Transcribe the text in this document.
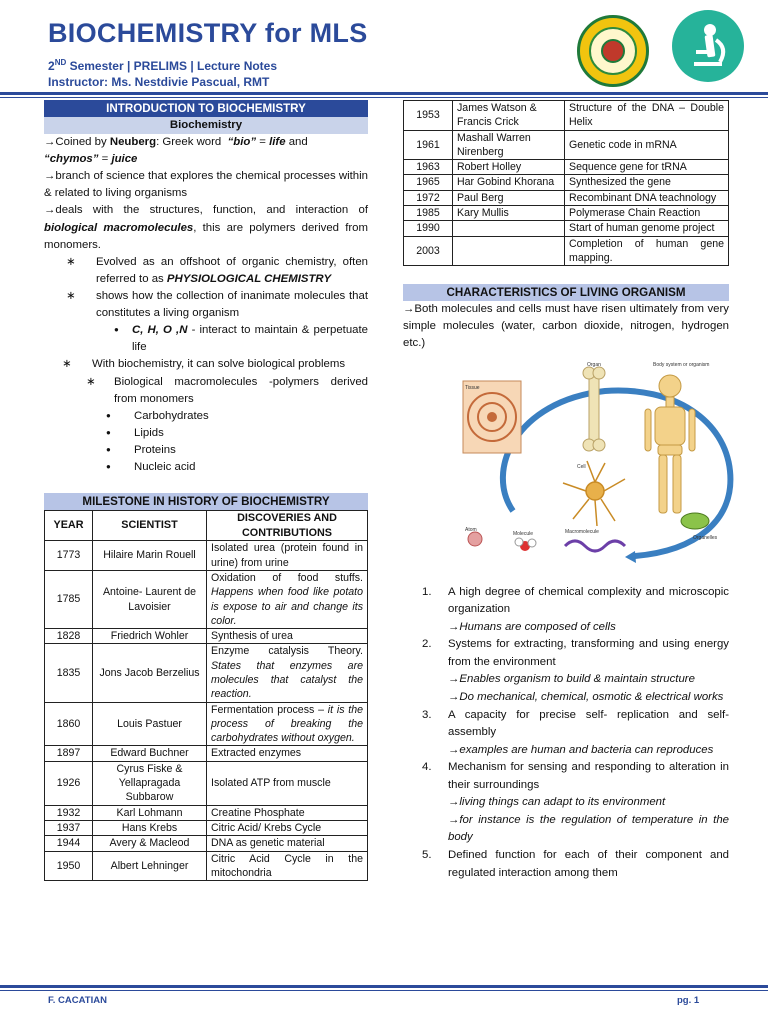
BIOCHEMISTRY for MLS
2ND Semester | PRELIMS | Lecture Notes
Instructor: Ms. Nestdivie Pascual, RMT
INTRODUCTION TO BIOCHEMISTRY
Biochemistry

→Coined by Neuberg: Greek word  “bio” = life and
“chymos” = juice

→branch of science that explores the chemical processes within & related to living organisms

→deals with the structures, function, and interaction of biological macromolecules, this are polymers derived from monomers.

∗ Evolved as an offshoot of organic chemistry, often referred to as PHYSIOLOGICAL CHEMISTRY

∗ shows how the collection of inanimate molecules that constitutes a living organism

● C, H, O ,N - interact to maintain & perpetuate life

∗ With biochemistry, it can solve biological problems

∗ Biological macromolecules -polymers derived from monomers

● Carbohydrates

● Lipids

● Proteins

● Nucleic acid

MILESTONE IN HISTORY OF BIOCHEMISTRY
YEAR	SCIENTIST	DISCOVERIES AND CONTRIBUTIONS
1773	Hilaire Marin Rouell	Isolated urea (protein found in urine) from urine
1785	Antoine- Laurent de Lavoisier	Oxidation of food stuffs. Happens when food like potato is expose to air and change its color.
1828	Friedrich Wohler	Synthesis of urea
1835	Jons Jacob Berzelius	Enzyme catalysis Theory. States that enzymes are molecules that catalyst the reaction.
1860	Louis Pastuer	Fermentation process – it is the process of breaking the carbohydrates without oxygen.
1897	Edward Buchner	Extracted enzymes
1926	Cyrus Fiske & Yellapragada Subbarow	Isolated ATP from muscle
1932	Karl Lohmann	Creatine Phosphate
1937	Hans Krebs	Citric Acid/ Krebs Cycle
1944	Avery & Macleod	DNA as genetic material
1950	Albert Lehninger	Citric Acid Cycle in the mitochondria
1953	James Watson & Francis Crick	Structure of the DNA – Double Helix
1961	Mashall Warren Nirenberg	Genetic code in mRNA
1963	Robert Holley	Sequence gene for tRNA
1965	Har Gobind Khorana	Synthesized the gene
1972	Paul Berg	Recombinant DNA teachnology
1985	Kary Mullis	Polymerase Chain Reaction
1990		Start of human genome project
2003		Completion of human gene mapping.
CHARACTERISTICS OF LIVING ORGANISM

→Both molecules and cells must have risen ultimately from very simple molecules (water, carbon dioxide, nitrogen, hydrogen etc.)

Tissue
Organ	Body system or organism
Cell
Organelles
Atom
Molecule	Macromolecule
1. A high degree of chemical complexity and microscopic organization
→Humans are composed of cells
2. Systems for extracting, transforming and using energy from the environment
→Enables organism to build & maintain structure
→Do mechanical, chemical, osmotic & electrical works
3. A capacity for precise self- replication and self-assembly
→examples are human and bacteria can reproduces
4. Mechanism for sensing and responding to alteration in their surroundings
→living things can adapt to its environment
→for instance is the regulation of temperature in the body
5. Defined function for each of their component and regulated interaction among them
F. CACATIAN	pg. 1
